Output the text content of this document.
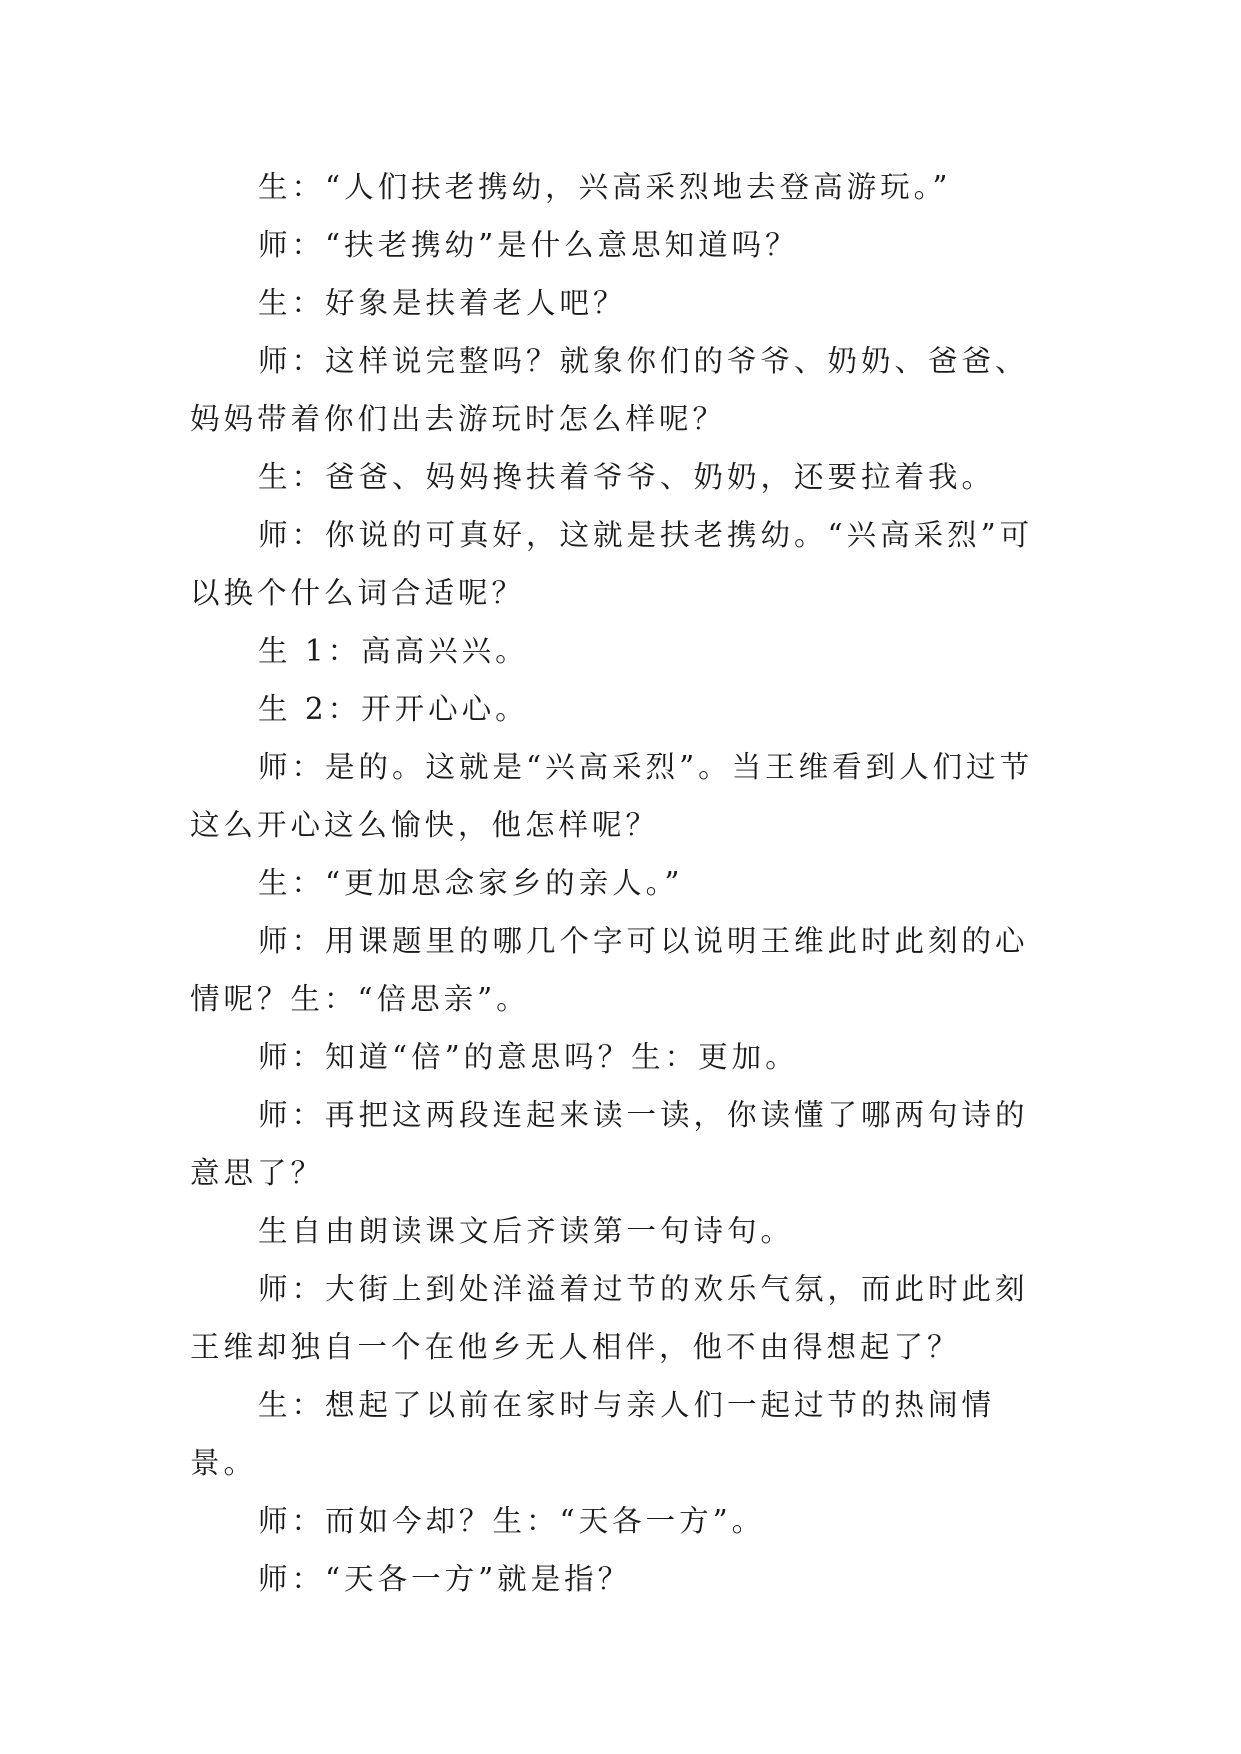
生：“人们扶老携幼，兴高采烈地去登高游玩。”

师：“扶老携幼”是什么意思知道吗？

生：好象是扶着老人吧？

师：这样说完整吗？就象你们的爷爷、奶奶、爸爸、妈妈带着你们出去游玩时怎么样呢？

生：爸爸、妈妈搀扶着爷爷、奶奶，还要拉着我。

师：你说的可真好，这就是扶老携幼。“兴高采烈”可以换个什么词合适呢？

生 1：高高兴兴。

生 2：开开心心。

师：是的。这就是“兴高采烈”。当王维看到人们过节这么开心这么愉快，他怎样呢？

生：“更加思念家乡的亲人。”

师：用课题里的哪几个字可以说明王维此时此刻的心情呢？生：“倍思亲”。

师：知道“倍”的意思吗？生：更加。

师：再把这两段连起来读一读，你读懂了哪两句诗的意思了？

生自由朗读课文后齐读第一句诗句。

师：大街上到处洋溢着过节的欢乐气氛，而此时此刻王维却独自一个在他乡无人相伴，他不由得想起了？

生：想起了以前在家时与亲人们一起过节的热闹情景。

师：而如今却？生：“天各一方”。

师：“天各一方”就是指？
